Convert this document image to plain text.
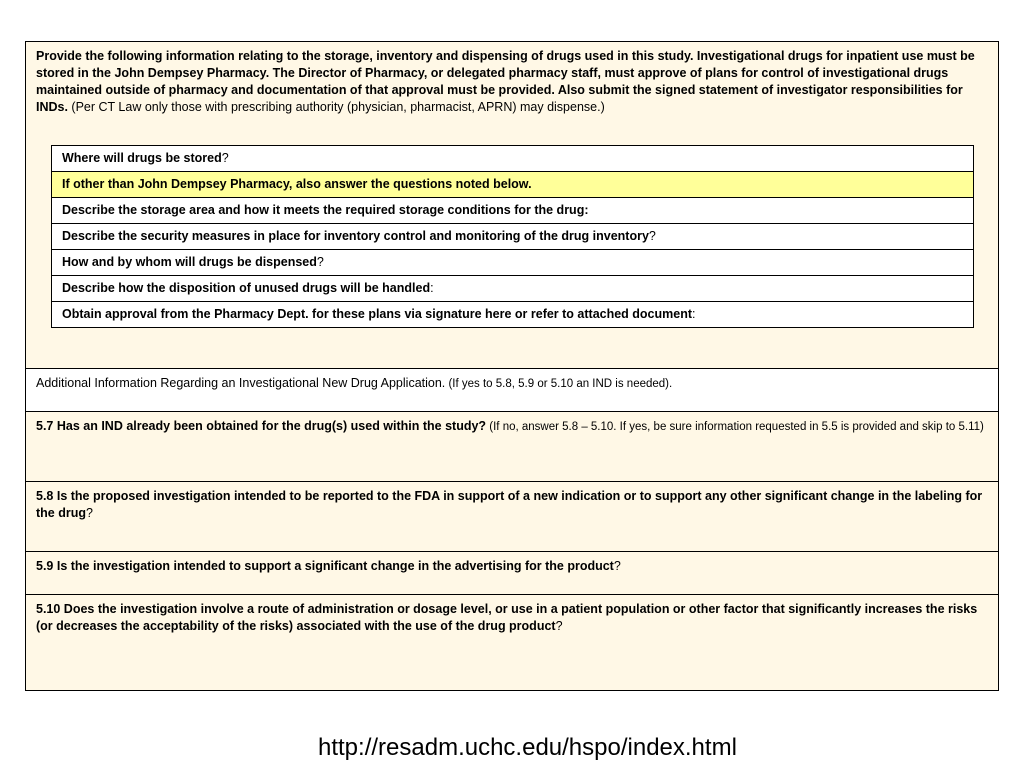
Provide the following information relating to the storage, inventory and dispensing of drugs used in this study. Investigational drugs for inpatient use must be stored in the John Dempsey Pharmacy. The Director of Pharmacy, or delegated pharmacy staff, must approve of plans for control of investigational drugs maintained outside of pharmacy and documentation of that approval must be provided. Also submit the signed statement of investigator responsibilities for INDs. (Per CT Law only those with prescribing authority (physician, pharmacist, APRN) may dispense.)
Where will drugs be stored?
If other than John Dempsey Pharmacy, also answer the questions noted below.
Describe the storage area and how it meets the required storage conditions for the drug:
Describe the security measures in place for inventory control and monitoring of the drug inventory?
How and by whom will drugs be dispensed?
Describe how the disposition of unused drugs will be handled:
Obtain approval from the Pharmacy Dept. for these plans via signature here or refer to attached document:
Additional Information Regarding an Investigational New Drug Application. (If yes to 5.8, 5.9 or 5.10 an IND is needed).
5.7 Has an IND already been obtained for the drug(s) used within the study? (If no, answer 5.8 – 5.10. If yes, be sure information requested in 5.5 is provided and skip to 5.11)
5.8 Is the proposed investigation intended to be reported to the FDA in support of a new indication or to support any other significant change in the labeling for the drug?
5.9 Is the investigation intended to support a significant change in the advertising for the product?
5.10 Does the investigation involve a route of administration or dosage level, or use in a patient population or other factor that significantly increases the risks (or decreases the acceptability of the risks) associated with the use of the drug product?
http://resadm.uchc.edu/hspo/index.html
